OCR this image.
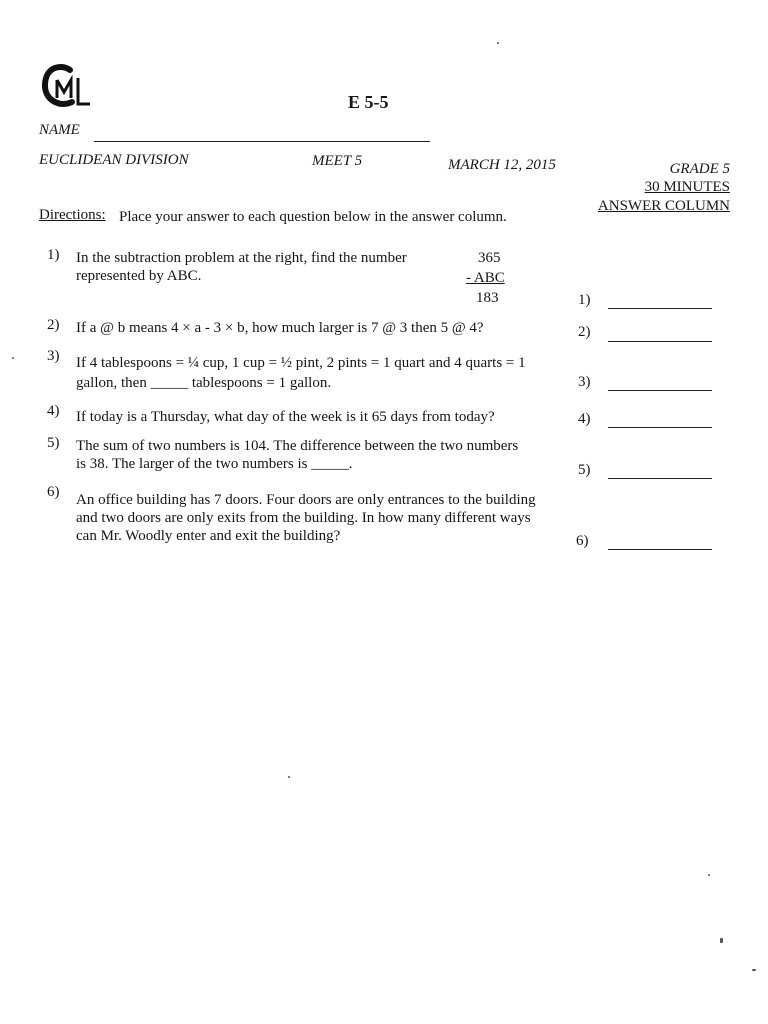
E 5-5
NAME
EUCLIDEAN DIVISION	MEET 5	MARCH 12, 2015	GRADE 5
30 MINUTES
ANSWER COLUMN
Directions: Place your answer to each question below in the answer column.
1) In the subtraction problem at the right, find the number
represented by ABC.
365
- ABC
183
2) If a @ b means 4 × a - 3 × b, how much larger is 7 @ 3 then 5 @ 4?
3) If 4 tablespoons = ¼ cup, 1 cup = ½ pint, 2 pints = 1 quart and 4 quarts = 1
gallon, then _____ tablespoons = 1 gallon.
4) If today is a Thursday, what day of the week is it 65 days from today?
5) The sum of two numbers is 104. The difference between the two numbers
is 38. The larger of the two numbers is _____.
6) An office building has 7 doors. Four doors are only entrances to the building
and two doors are only exits from the building. In how many different ways
can Mr. Woodly enter and exit the building?
1)
2)
3)
4)
5)
6)
